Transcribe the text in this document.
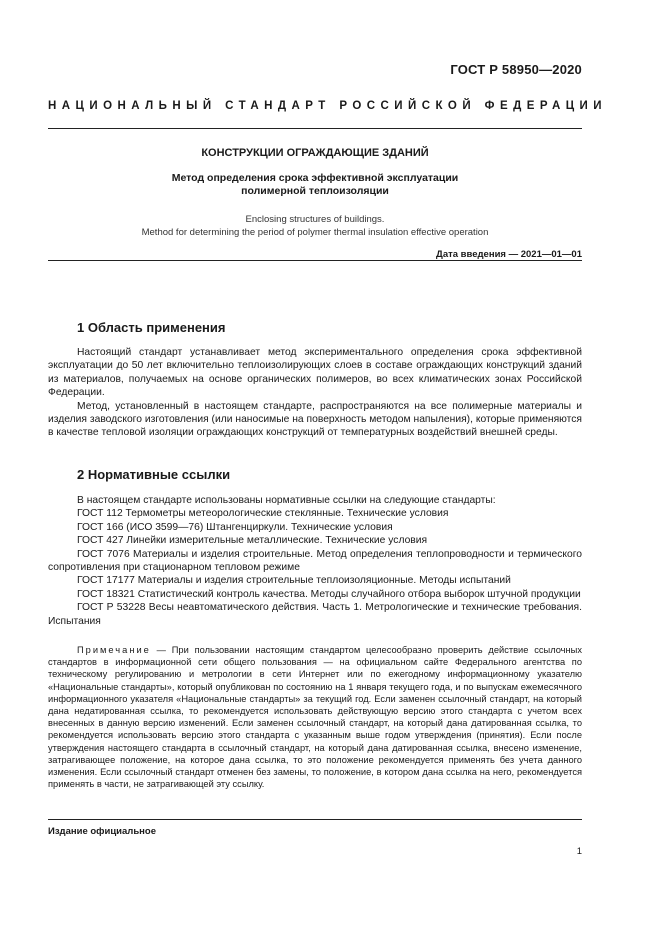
ГОСТ Р 58950—2020
НАЦИОНАЛЬНЫЙ СТАНДАРТ РОССИЙСКОЙ ФЕДЕРАЦИИ
КОНСТРУКЦИИ ОГРАЖДАЮЩИЕ ЗДАНИЙ
Метод определения срока эффективной эксплуатации
полимерной теплоизоляции
Enclosing structures of buildings.
Method for determining the period of polymer thermal insulation effective operation
Дата введения — 2021—01—01
1 Область применения

Настоящий стандарт устанавливает метод экспериментального определения срока эффективной эксплуатации до 50 лет включительно теплоизолирующих слоев в составе ограждающих конструкций зданий из материалов, получаемых на основе органических полимеров, во всех климатических зонах Российской Федерации.

Метод, установленный в настоящем стандарте, распространяются на все полимерные материалы и изделия заводского изготовления (или наносимые на поверхность методом напыления), которые применяются в качестве тепловой изоляции ограждающих конструкций от температурных воздействий внешней среды.

2 Нормативные ссылки

В настоящем стандарте использованы нормативные ссылки на следующие стандарты:

ГОСТ 112 Термометры метеорологические стеклянные. Технические условия

ГОСТ 166 (ИСО 3599—76) Штангенциркули. Технические условия

ГОСТ 427 Линейки измерительные металлические. Технические условия

ГОСТ 7076 Материалы и изделия строительные. Метод определения теплопроводности и термического сопротивления при стационарном тепловом режиме

ГОСТ 17177 Материалы и изделия строительные теплоизоляционные. Методы испытаний

ГОСТ 18321 Статистический контроль качества. Методы случайного отбора выборок штучной продукции

ГОСТ Р 53228 Весы неавтоматического действия. Часть 1. Метрологические и технические требования. Испытания

Примечание — При пользовании настоящим стандартом целесообразно проверить действие ссылочных стандартов в информационной сети общего пользования — на официальном сайте Федерального агентства по техническому регулированию и метрологии в сети Интернет или по ежегодному информационному указателю «Национальные стандарты», который опубликован по состоянию на 1 января текущего года, и по выпускам ежемесячного информационного указателя «Национальные стандарты» за текущий год. Если заменен ссылочный стандарт, на который дана недатированная ссылка, то рекомендуется использовать действующую версию этого стандарта с учетом всех внесенных в данную версию изменений. Если заменен ссылочный стандарт, на который дана датированная ссылка, то рекомендуется использовать версию этого стандарта с указанным выше годом утверждения (принятия). Если после утверждения настоящего стандарта в ссылочный стандарт, на который дана датированная ссылка, внесено изменение, затрагивающее положение, на которое дана ссылка, то это положение рекомендуется применять без учета данного изменения. Если ссылочный стандарт отменен без замены, то положение, в котором дана ссылка на него, рекомендуется применять в части, не затрагивающей эту ссылку.
Издание официальное
1
